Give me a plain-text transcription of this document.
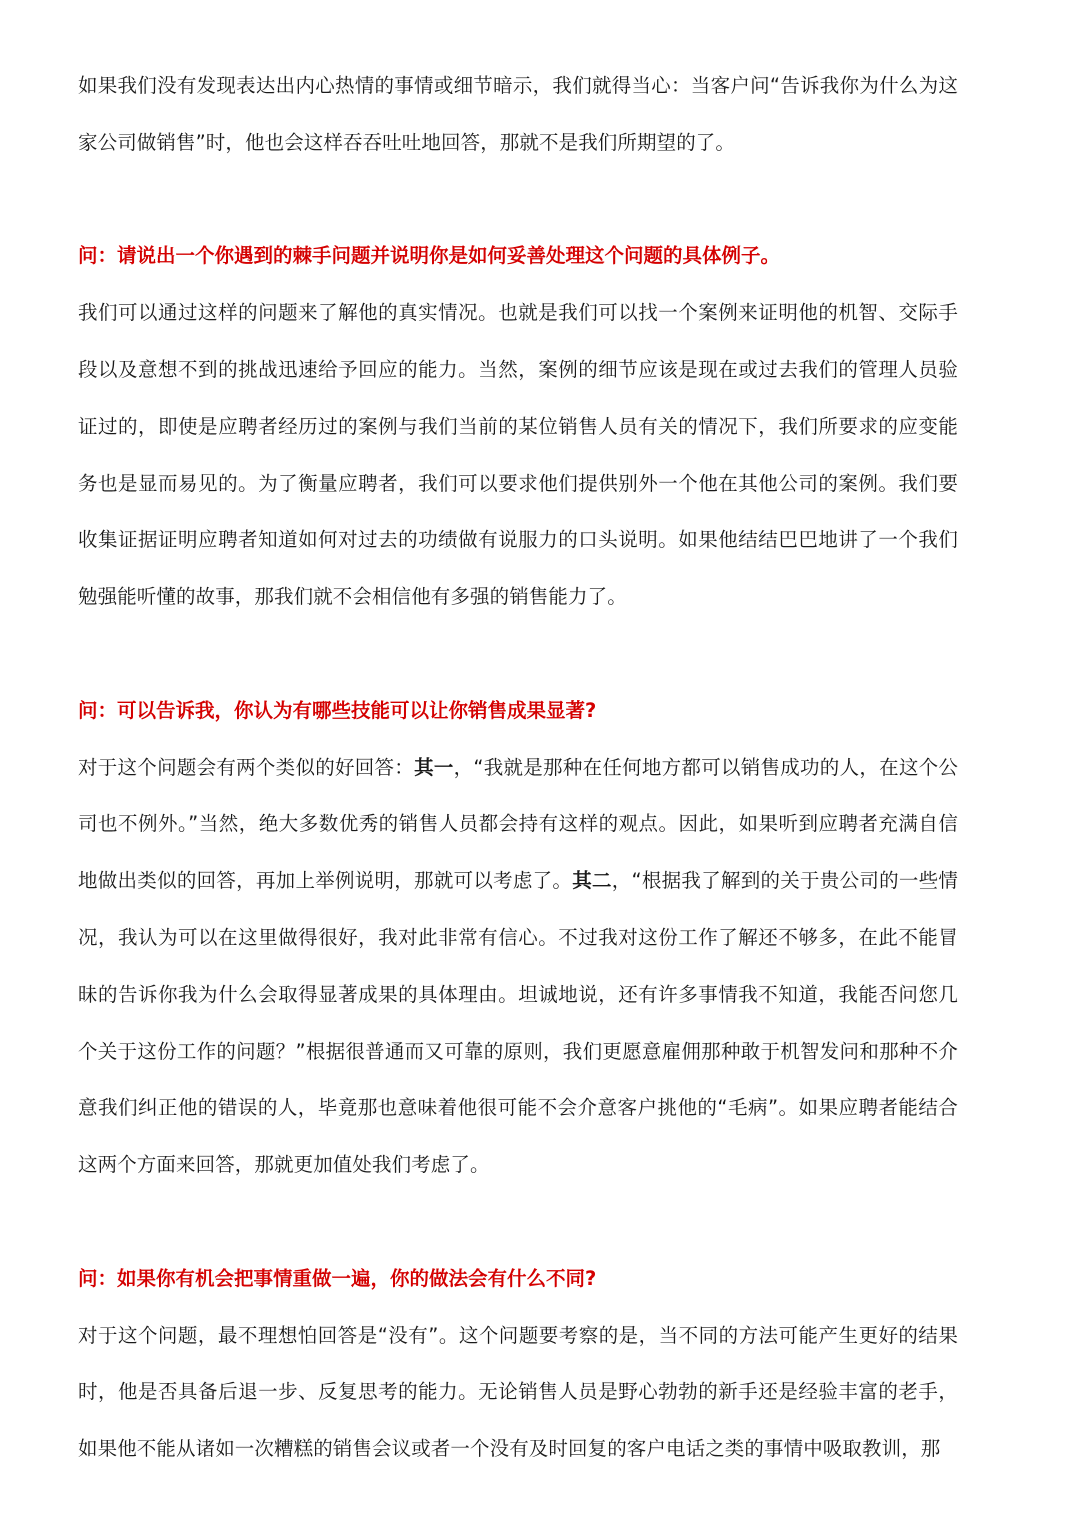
如果我们没有发现表达出内心热情的事情或细节暗示，我们就得当心：当客户问“告诉我你为什么为这家公司做销售”时，他也会这样吞吞吐吐地回答，那就不是我们所期望的了。

问：请说出一个你遇到的棘手问题并说明你是如何妥善处理这个问题的具体例子。

我们可以通过这样的问题来了解他的真实情况。也就是我们可以找一个案例来证明他的机智、交际手段以及意想不到的挑战迅速给予回应的能力。当然，案例的细节应该是现在或过去我们的管理人员验证过的，即使是应聘者经历过的案例与我们当前的某位销售人员有关的情况下，我们所要求的应变能务也是显而易见的。为了衡量应聘者，我们可以要求他们提供别外一个他在其他公司的案例。我们要收集证据证明应聘者知道如何对过去的功绩做有说服力的口头说明。如果他结结巴巴地讲了一个我们勉强能听懂的故事，那我们就不会相信他有多强的销售能力了。

问：可以告诉我，你认为有哪些技能可以让你销售成果显著?

对于这个问题会有两个类似的好回答：其一，“我就是那种在任何地方都可以销售成功的人，在这个公司也不例外。”当然，绝大多数优秀的销售人员都会持有这样的观点。因此，如果听到应聘者充满自信地做出类似的回答，再加上举例说明，那就可以考虑了。其二，“根据我了解到的关于贵公司的一些情况，我认为可以在这里做得很好，我对此非常有信心。不过我对这份工作了解还不够多，在此不能冒昧的告诉你我为什么会取得显著成果的具体理由。坦诚地说，还有许多事情我不知道，我能否问您几个关于这份工作的问题？”根据很普通而又可靠的原则，我们更愿意雇佣那种敢于机智发问和那种不介意我们纠正他的错误的人，毕竟那也意味着他很可能不会介意客户挑他的“毛病”。如果应聘者能结合这两个方面来回答，那就更加值处我们考虑了。

问：如果你有机会把事情重做一遍，你的做法会有什么不同?

对于这个问题，最不理想怕回答是“没有”。这个问题要考察的是，当不同的方法可能产生更好的结果时，他是否具备后退一步、反复思考的能力。无论销售人员是野心勃勃的新手还是经验丰富的老手，如果他不能从诸如一次糟糕的销售会议或者一个没有及时回复的客户电话之类的事情中吸取教训，那
